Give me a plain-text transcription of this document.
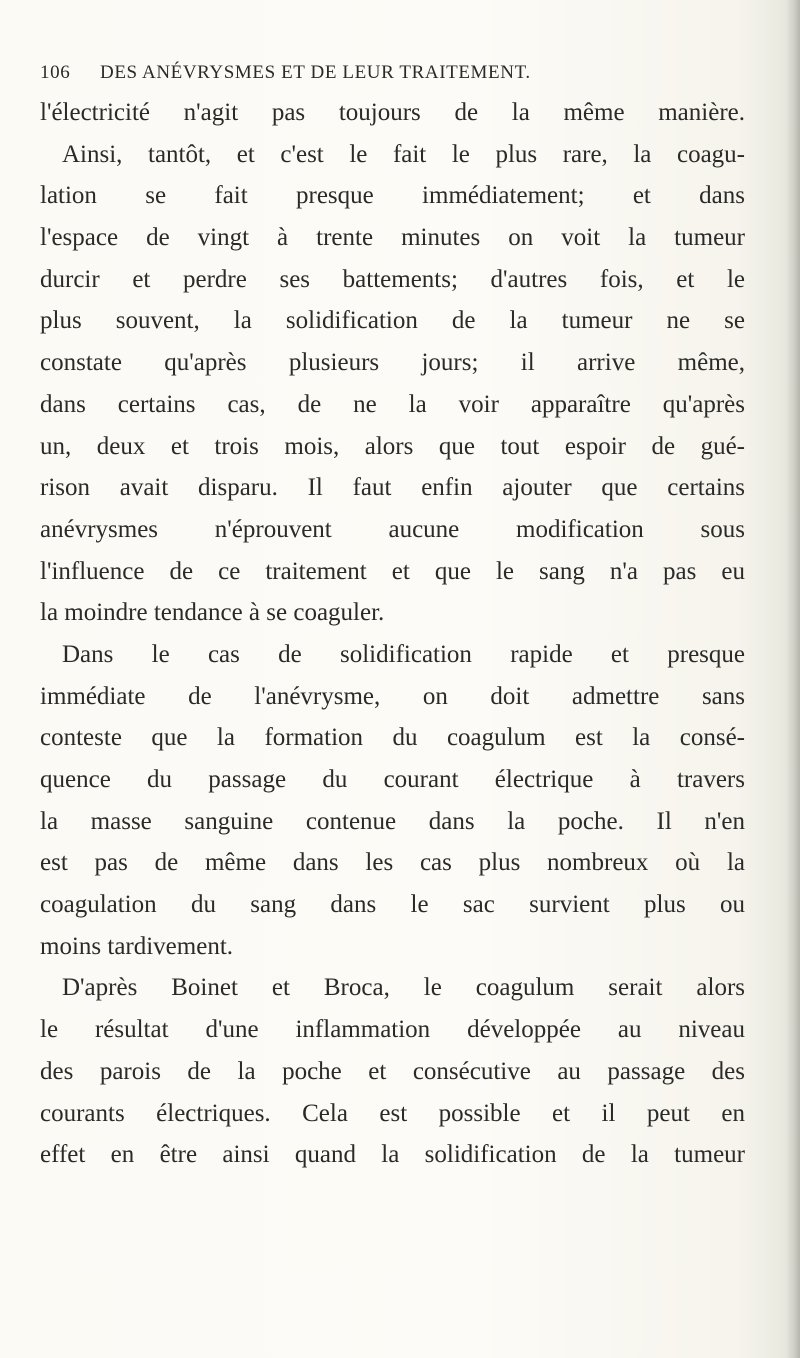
106 DES ANÉVRYSMES ET DE LEUR TRAITEMENT.
l'électricité n'agit pas toujours de la même manière.
Ainsi, tantôt, et c'est le fait le plus rare, la coagu-
lation se fait presque immédiatement; et dans
l'espace de vingt à trente minutes on voit la tumeur
durcir et perdre ses battements; d'autres fois, et le
plus souvent, la solidification de la tumeur ne se
constate qu'après plusieurs jours; il arrive même,
dans certains cas, de ne la voir apparaître qu'après
un, deux et trois mois, alors que tout espoir de gué-
rison avait disparu. Il faut enfin ajouter que certains
anévrysmes n'éprouvent aucune modification sous
l'influence de ce traitement et que le sang n'a pas eu
la moindre tendance à se coaguler.
Dans le cas de solidification rapide et presque
immédiate de l'anévrysme, on doit admettre sans
conteste que la formation du coagulum est la consé-
quence du passage du courant électrique à travers
la masse sanguine contenue dans la poche. Il n'en
est pas de même dans les cas plus nombreux où la
coagulation du sang dans le sac survient plus ou
moins tardivement.
D'après Boinet et Broca, le coagulum serait alors
le résultat d'une inflammation développée au niveau
des parois de la poche et consécutive au passage des
courants électriques. Cela est possible et il peut en
effet en être ainsi quand la solidification de la tumeur
